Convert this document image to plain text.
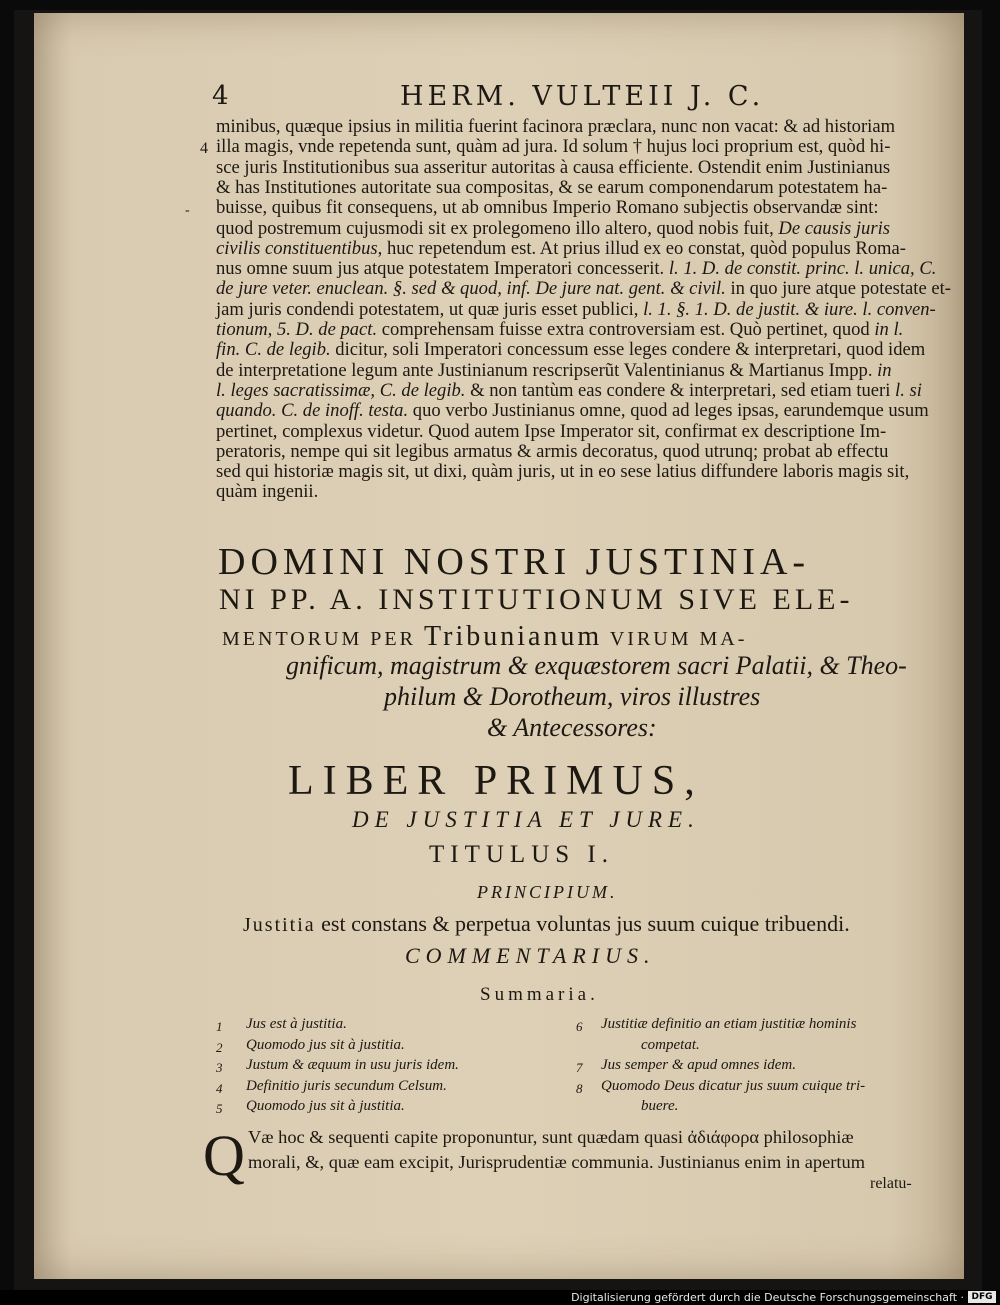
4	HERM. VULTEII J. C.
4
-
minibus, quæque ipsius in militia fuerint facinora præclara, nunc non vacat: & ad historiam
illa magis, vnde repetenda sunt, quàm ad jura. Id solum † hujus loci proprium est, quòd hi-
sce juris Institutionibus sua asseritur autoritas à causa efficiente. Ostendit enim Justinianus
& has Institutiones autoritate sua compositas, & se earum componendarum potestatem ha-
buisse, quibus fit consequens, ut ab omnibus Imperio Romano subjectis observandæ sint:
quod postremum cujusmodi sit ex prolegomeno illo altero, quod nobis fuit, De causis juris
civilis constituentibus, huc repetendum est. At prius illud ex eo constat, quòd populus Roma-
nus omne suum jus atque potestatem Imperatori concesserit. l. 1. D. de constit. princ. l. unica, C.
de jure veter. enuclean. §. sed & quod, inf. De jure nat. gent. & civil. in quo jure atque potestate et-
jam juris condendi potestatem, ut quæ juris esset publici, l. 1. §. 1. D. de justit. & iure. l. conven-
tionum, 5. D. de pact. comprehensam fuisse extra controversiam est. Quò pertinet, quod in l.
fin. C. de legib. dicitur, soli Imperatori concessum esse leges condere & interpretari, quod idem
de interpretatione legum ante Justinianum rescripserũt Valentinianus & Martianus Impp. in
l. leges sacratissimæ, C. de legib. & non tantùm eas condere & interpretari, sed etiam tueri l. si
quando. C. de inoff. testa. quo verbo Justinianus omne, quod ad leges ipsas, earundemque usum
pertinet, complexus videtur. Quod autem Ipse Imperator sit, confirmat ex descriptione Im-
peratoris, nempe qui sit legibus armatus & armis decoratus, quod utrunq; probat ab effectu
sed qui historiæ magis sit, ut dixi, quàm juris, ut in eo sese latius diffundere laboris magis sit,
quàm ingenii.
DOMINI NOSTRI JUSTINIA-
NI PP. A. INSTITUTIONUM SIVE ELE-
MENTORUM PER Tribunianum VIRUM MA-
gnificum, magistrum & exquæstorem sacri Palatii, & Theo-
philum & Dorotheum, viros illustres
& Antecessores:
LIBER PRIMUS,
DE JUSTITIA ET JURE.
TITULUS I.
PRINCIPIUM.
Justitia est constans & perpetua voluntas jus suum cuique tribuendi.
COMMENTARIUS.
Summaria.
1 Jus est à justitia.
2 Quomodo jus sit à justitia.
3 Justum & æquum in usu juris idem.
4 Definitio juris secundum Celsum.
5 Quomodo jus sit à justitia.
6 Justitiæ definitio an etiam justitiæ hominis
competat.
7 Jus semper & apud omnes idem.
8 Quomodo Deus dicatur jus suum cuique tri-
buere.
Q Væ hoc & sequenti capite proponuntur, sunt quædam quasi ἀδιάφορα philosophiæ
morali, &, quæ eam excipit, Jurisprudentiæ communia. Justinianus enim in apertum
relatu-
Digitalisierung gefördert durch die Deutsche Forschungsgemeinschaft · DFG
